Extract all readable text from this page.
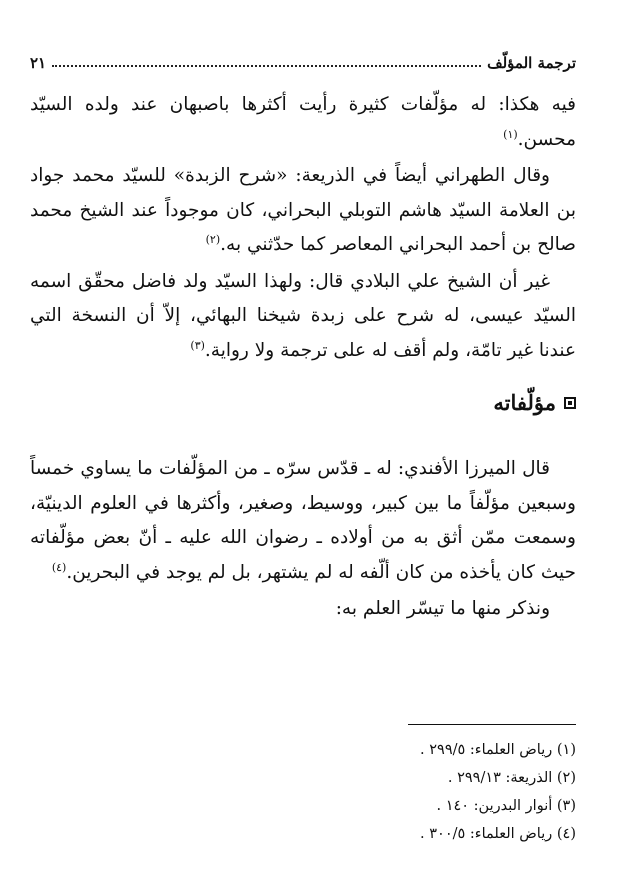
ترجمة المؤلّف
٢١

فيه هكذا: له مؤلّفات كثيرة رأيت أكثرها باصبهان عند ولده السيّد محسن.$^{(١)}$

وقال الطهراني أيضاً في الذريعة: «شرح الزبدة» للسيّد محمد جواد بن العلامة السيّد هاشم التوبلي البحراني، كان موجوداً عند الشيخ محمد صالح بن أحمد البحراني المعاصر كما حدّثني به.$^{(٢)}$

غير أن الشيخ علي البلادي قال: ولهذا السيّد ولد فاضل محقّق اسمه السيّد عيسى، له شرح على زبدة شيخنا البهائي، إلاّ أن النسخة التي عندنا غير تامّة، ولم أقف له على ترجمة ولا رواية.$^{(٣)}$

مؤلّفاته

قال الميرزا الأفندي: له ـ قدّس سرّه ـ من المؤلّفات ما يساوي خمساً وسبعين مؤلّفاً ما بين كبير، ووسيط، وصغير، وأكثرها في العلوم الدينيّة، وسمعت ممّن أثق به من أولاده ـ رضوان الله عليه ـ أنّ بعض مؤلّفاته حيث كان يأخذه من كان ألّفه له لم يشتهر، بل لم يوجد في البحرين.$^{(٤)}$

ونذكر منها ما تيسّر العلم به:

(١) رياض العلماء: ٢٩٩/٥ .
(٢) الذريعة: ٢٩٩/١٣ .
(٣) أنوار البدرين: ١٤٠ .
(٤) رياض العلماء: ٣٠٠/٥ .
